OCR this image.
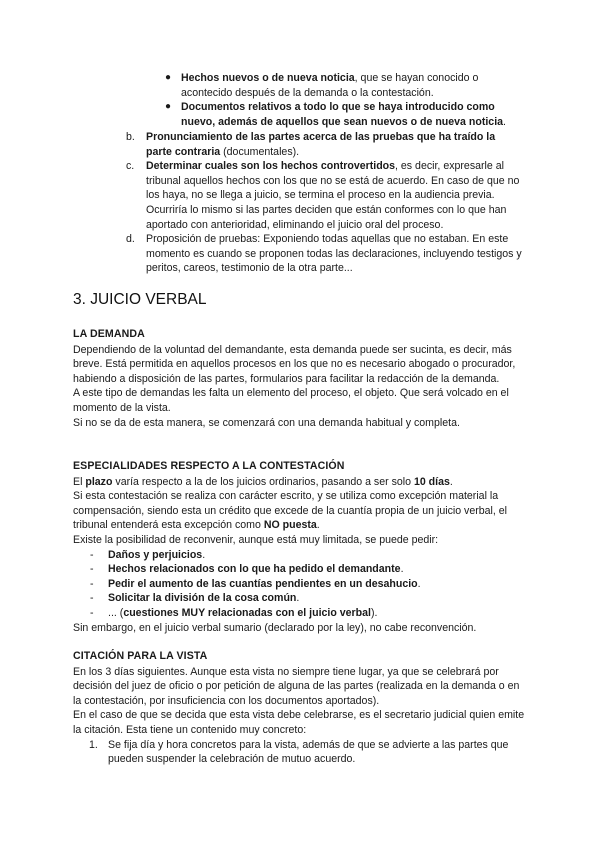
● Hechos nuevos o de nueva noticia, que se hayan conocido o acontecido después de la demanda o la contestación.
● Documentos relativos a todo lo que se haya introducido como nuevo, además de aquellos que sean nuevos o de nueva noticia.
b. Pronunciamiento de las partes acerca de las pruebas que ha traído la parte contraria (documentales).
c. Determinar cuales son los hechos controvertidos, es decir, expresarle al tribunal aquellos hechos con los que no se está de acuerdo. En caso de que no los haya, no se llega a juicio, se termina el proceso en la audiencia previa. Ocurriría lo mismo si las partes deciden que están conformes con lo que han aportado con anterioridad, eliminando el juicio oral del proceso.
d. Proposición de pruebas: Exponiendo todas aquellas que no estaban. En este momento es cuando se proponen todas las declaraciones, incluyendo testigos y peritos, careos, testimonio de la otra parte...
3. JUICIO VERBAL
LA DEMANDA

Dependiendo de la voluntad del demandante, esta demanda puede ser sucinta, es decir, más breve. Está permitida en aquellos procesos en los que no es necesario abogado o procurador, habiendo a disposición de las partes, formularios para facilitar la redacción de la demanda.

A este tipo de demandas les falta un elemento del proceso, el objeto. Que será volcado en el momento de la vista.

Si no se da de esta manera, se comenzará con una demanda habitual y completa.

ESPECIALIDADES RESPECTO A LA CONTESTACIÓN

El plazo varía respecto a la de los juicios ordinarios, pasando a ser solo 10 días.

Si esta contestación se realiza con carácter escrito, y se utiliza como excepción material la compensación, siendo esta un crédito que excede de la cuantía propia de un juicio verbal, el tribunal entenderá esta excepción como NO puesta.

Existe la posibilidad de reconvenir, aunque está muy limitada, se puede pedir:

- Daños y perjuicios.
- Hechos relacionados con lo que ha pedido el demandante.
- Pedir el aumento de las cuantías pendientes en un desahucio.
- Solicitar la división de la cosa común.
- ... (cuestiones MUY relacionadas con el juicio verbal).

Sin embargo, en el juicio verbal sumario (declarado por la ley), no cabe reconvención.

CITACIÓN PARA LA VISTA

En los 3 días siguientes. Aunque esta vista no siempre tiene lugar, ya que se celebrará por decisión del juez de oficio o por petición de alguna de las partes (realizada en la demanda o en la contestación, por insuficiencia con los documentos aportados).

En el caso de que se decida que esta vista debe celebrarse, es el secretario judicial quien emite la citación. Esta tiene un contenido muy concreto:

1. Se fija día y hora concretos para la vista, además de que se advierte a las partes que pueden suspender la celebración de mutuo acuerdo.
